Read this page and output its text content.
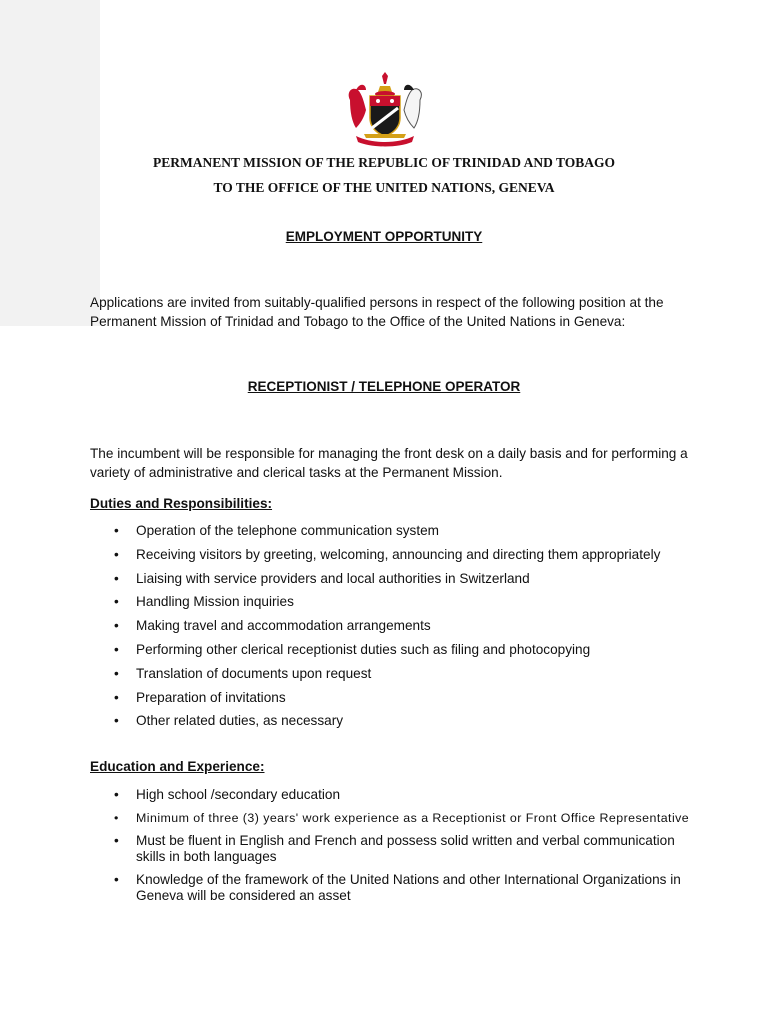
PERMANENT MISSION OF THE REPUBLIC OF TRINIDAD AND TOBAGO
TO THE OFFICE OF THE UNITED NATIONS, GENEVA
EMPLOYMENT OPPORTUNITY
Applications are invited from suitably-qualified persons in respect of the following position at the Permanent Mission of Trinidad and Tobago to the Office of the United Nations in Geneva:
RECEPTIONIST / TELEPHONE OPERATOR
The incumbent will be responsible for managing the front desk on a daily basis and for performing a variety of administrative and clerical tasks at the Permanent Mission.
Duties and Responsibilities:
• Operation of the telephone communication system
• Receiving visitors by greeting, welcoming, announcing and directing them appropriately
• Liaising with service providers and local authorities in Switzerland
• Handling Mission inquiries
• Making travel and accommodation arrangements
• Performing other clerical receptionist duties such as filing and photocopying
• Translation of documents upon request
• Preparation of invitations
• Other related duties, as necessary
Education and Experience:
• High school /secondary education
• Minimum of three (3) years' work experience as a Receptionist or Front Office Representative
• Must be fluent in English and French and possess solid written and verbal communication skills in both languages
• Knowledge of the framework of the United Nations and other International Organizations in Geneva will be considered an asset
